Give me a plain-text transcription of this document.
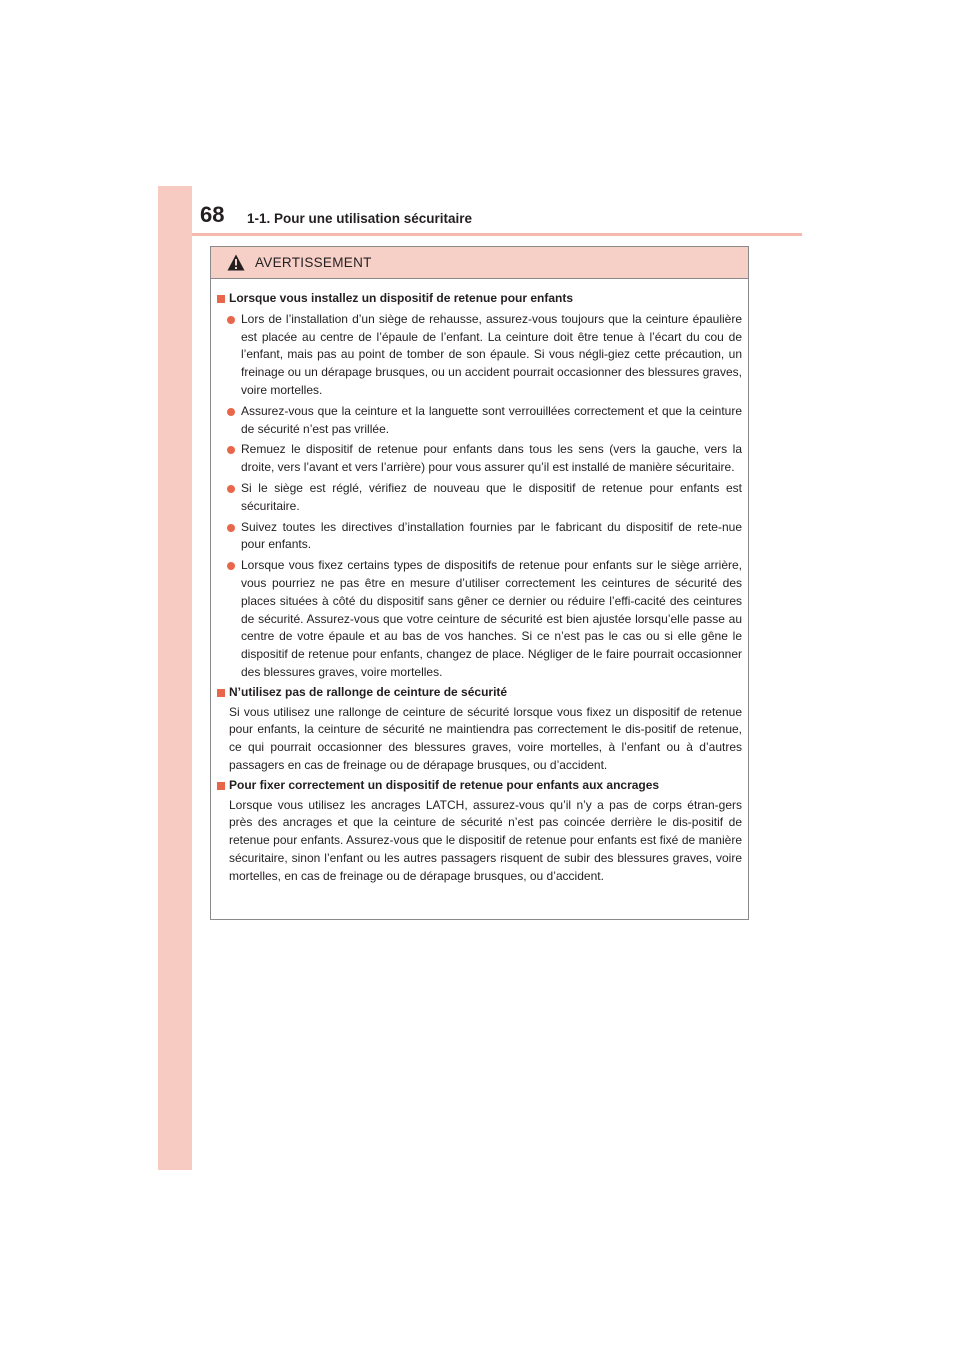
68 1-1. Pour une utilisation sécuritaire
AVERTISSEMENT
Lorsque vous installez un dispositif de retenue pour enfants
Lors de l’installation d’un siège de rehausse, assurez-vous toujours que la ceinture épaulière est placée au centre de l’épaule de l’enfant. La ceinture doit être tenue à l’écart du cou de l’enfant, mais pas au point de tomber de son épaule. Si vous négli-giez cette précaution, un freinage ou un dérapage brusques, ou un accident pourrait occasionner des blessures graves, voire mortelles.
Assurez-vous que la ceinture et la languette sont verrouillées correctement et que la ceinture de sécurité n’est pas vrillée.
Remuez le dispositif de retenue pour enfants dans tous les sens (vers la gauche, vers la droite, vers l’avant et vers l’arrière) pour vous assurer qu’il est installé de manière sécuritaire.
Si le siège est réglé, vérifiez de nouveau que le dispositif de retenue pour enfants est sécuritaire.
Suivez toutes les directives d’installation fournies par le fabricant du dispositif de rete-nue pour enfants.
Lorsque vous fixez certains types de dispositifs de retenue pour enfants sur le siège arrière, vous pourriez ne pas être en mesure d’utiliser correctement les ceintures de sécurité des places situées à côté du dispositif sans gêner ce dernier ou réduire l’effi-cacité des ceintures de sécurité. Assurez-vous que votre ceinture de sécurité est bien ajustée lorsqu’elle passe au centre de votre épaule et au bas de vos hanches. Si ce n’est pas le cas ou si elle gêne le dispositif de retenue pour enfants, changez de place. Négliger de le faire pourrait occasionner des blessures graves, voire mortelles.
N’utilisez pas de rallonge de ceinture de sécurité
Si vous utilisez une rallonge de ceinture de sécurité lorsque vous fixez un dispositif de retenue pour enfants, la ceinture de sécurité ne maintiendra pas correctement le dis-positif de retenue, ce qui pourrait occasionner des blessures graves, voire mortelles, à l’enfant ou à d’autres passagers en cas de freinage ou de dérapage brusques, ou d’accident.
Pour fixer correctement un dispositif de retenue pour enfants aux ancrages
Lorsque vous utilisez les ancrages LATCH, assurez-vous qu’il n’y a pas de corps étran-gers près des ancrages et que la ceinture de sécurité n’est pas coincée derrière le dis-positif de retenue pour enfants. Assurez-vous que le dispositif de retenue pour enfants est fixé de manière sécuritaire, sinon l’enfant ou les autres passagers risquent de subir des blessures graves, voire mortelles, en cas de freinage ou de dérapage brusques, ou d’accident.
